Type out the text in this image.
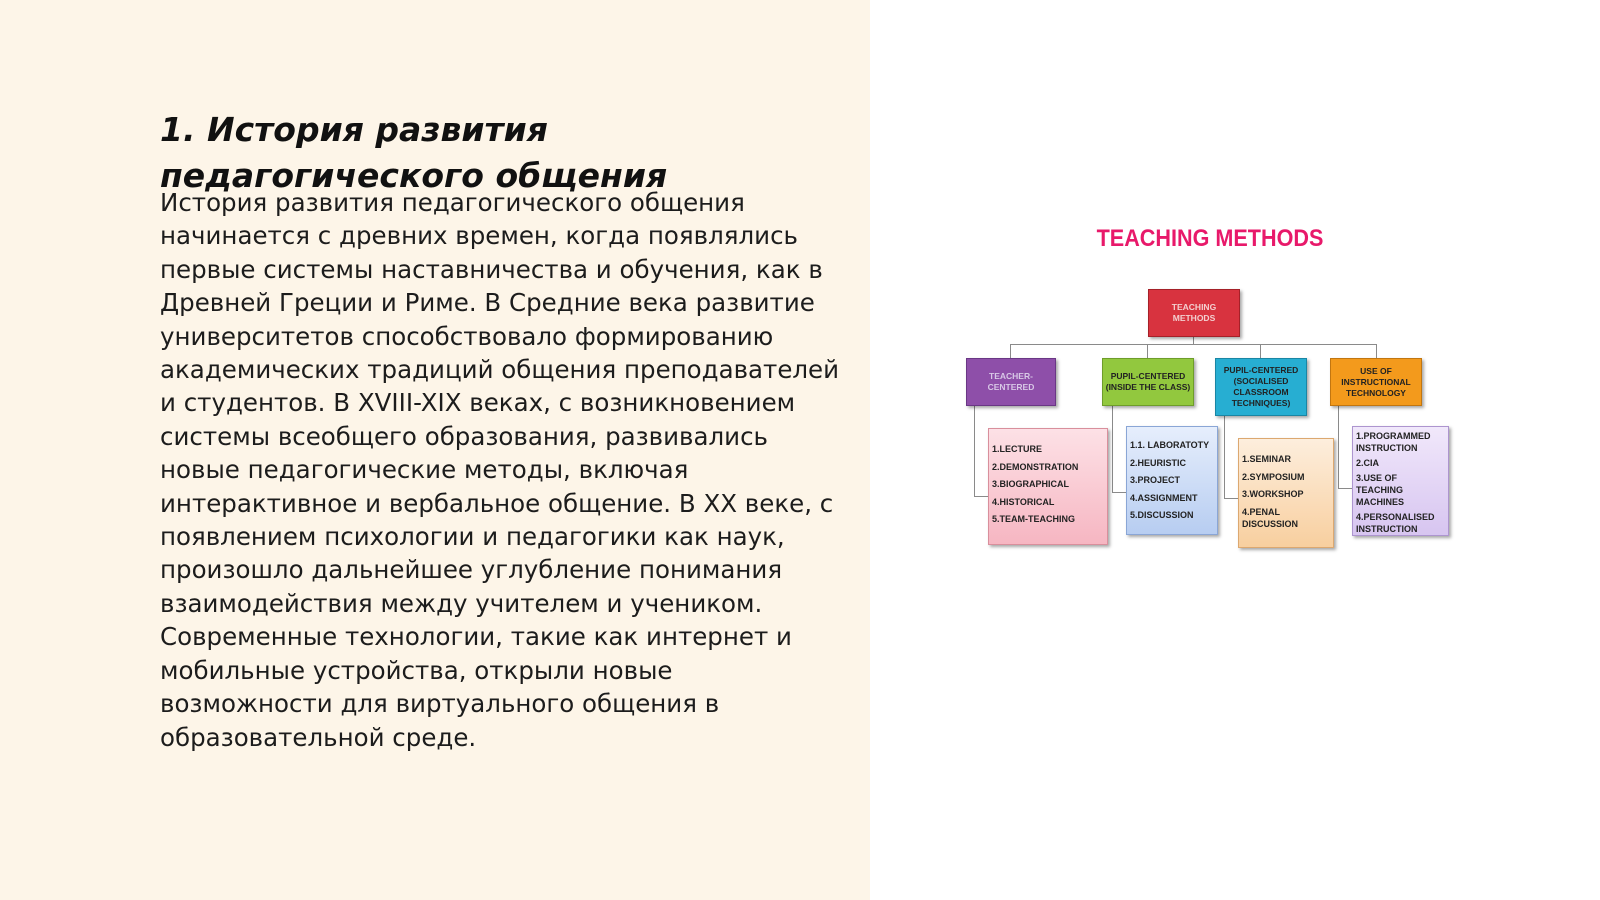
1. История развития педагогического общения

История развития педагогического общения начинается с древних времен, когда появлялись первые системы наставничества и обучения, как в Древней Греции и Риме. В Средние века развитие университетов способствовало формированию академических традиций общения преподавателей и студентов. В XVIII-XIX веках, с возникновением системы всеобщего образования, развивались новые педагогические методы, включая интерактивное и вербальное общение. В XX веке, с появлением психологии и педагогики как наук, произошло дальнейшее углубление понимания взаимодействия между учителем и учеником. Современные технологии, такие как интернет и мобильные устройства, открыли новые возможности для виртуального общения в образовательной среде.

TEACHING METHODS
TEACHING
METHODS
TEACHER-
CENTERED
PUPIL-CENTERED
(INSIDE THE CLASS)
PUPIL-CENTERED
(SOCIALISED
CLASSROOM
TECHNIQUES)
USE OF
INSTRUCTIONAL
TECHNOLOGY
1.LECTURE
2.DEMONSTRATION
3.BIOGRAPHICAL
4.HISTORICAL
5.TEAM-TEACHING
1.1. LABORATOTY
2.HEURISTIC
3.PROJECT
4.ASSIGNMENT
5.DISCUSSION
1.SEMINAR
2.SYMPOSIUM
3.WORKSHOP
4.PENAL
DISCUSSION
1.PROGRAMMED
INSTRUCTION
2.CIA
3.USE OF TEACHING
MACHINES
4.PERSONALISED
INSTRUCTION
